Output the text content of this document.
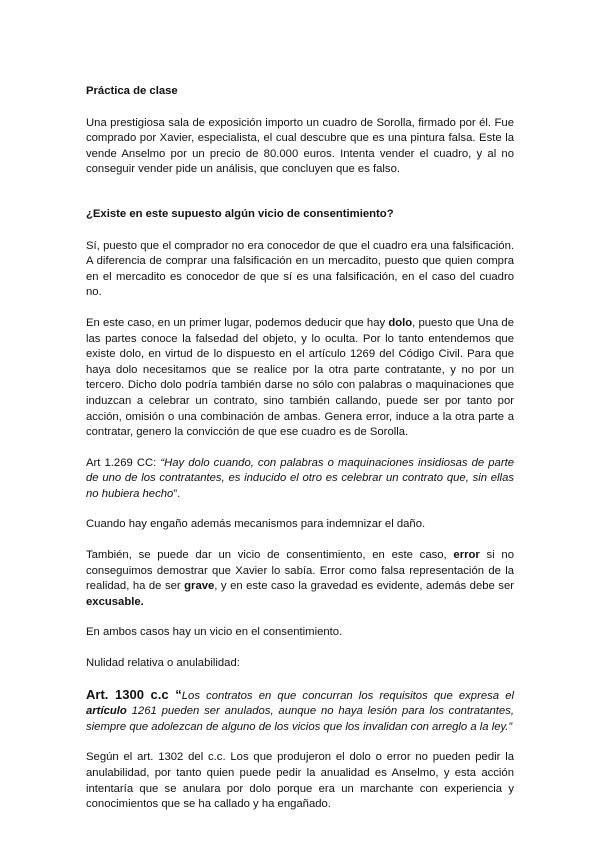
Práctica de clase

Una prestigiosa sala de exposición importo un cuadro de Sorolla, firmado por él. Fue comprado por Xavier, especialista, el cual descubre que es una pintura falsa. Este la vende Anselmo por un precio de 80.000 euros. Intenta vender el cuadro, y al no conseguir vender pide un análisis, que concluyen que es falso.

¿Existe en este supuesto algún vicio de consentimiento?

Sí, puesto que el comprador no era conocedor de que el cuadro era una falsificación. A diferencia de comprar una falsificación en un mercadito, puesto que quien compra en el mercadito es conocedor de que sí es una falsificación, en el caso del cuadro no.

En este caso, en un primer lugar, podemos deducir que hay dolo, puesto que Una de las partes conoce la falsedad del objeto, y lo oculta. Por lo tanto entendemos que existe dolo, en virtud de lo dispuesto en el artículo 1269 del Código Civil. Para que haya dolo necesitamos que se realice por la otra parte contratante, y no por un tercero. Dicho dolo podría también darse no sólo con palabras o maquinaciones que induzcan a celebrar un contrato, sino también callando, puede ser por tanto por acción, omisión o una combinación de ambas. Genera error, induce a la otra parte a contratar, genero la convicción de que ese cuadro es de Sorolla.

Art 1.269 CC: “Hay dolo cuando, con palabras o maquinaciones insidiosas de parte de uno de los contratantes, es inducido el otro es celebrar un contrato que, sin ellas no hubiera hecho”.

Cuando hay engaño además mecanismos para indemnizar el daño.

También, se puede dar un vicio de consentimiento, en este caso, error si no conseguimos demostrar que Xavier lo sabía. Error como falsa representación de la realidad, ha de ser grave, y en este caso la gravedad es evidente, además debe ser excusable.

En ambos casos hay un vicio en el consentimiento.

Nulidad relativa o anulabilidad:

Art. 1300 c.c “Los contratos en que concurran los requisitos que expresa el artículo 1261 pueden ser anulados, aunque no haya lesión para los contratantes, siempre que adolezcan de alguno de los vicios que los invalidan con arreglo a la ley.”

Según el art. 1302 del c.c. Los que produjeron el dolo o error no pueden pedir la anulabilidad, por tanto quien puede pedir la anualidad es Anselmo, y esta acción intentaría que se anulara por dolo porque era un marchante con experiencia y conocimientos que se ha callado y ha engañado.
